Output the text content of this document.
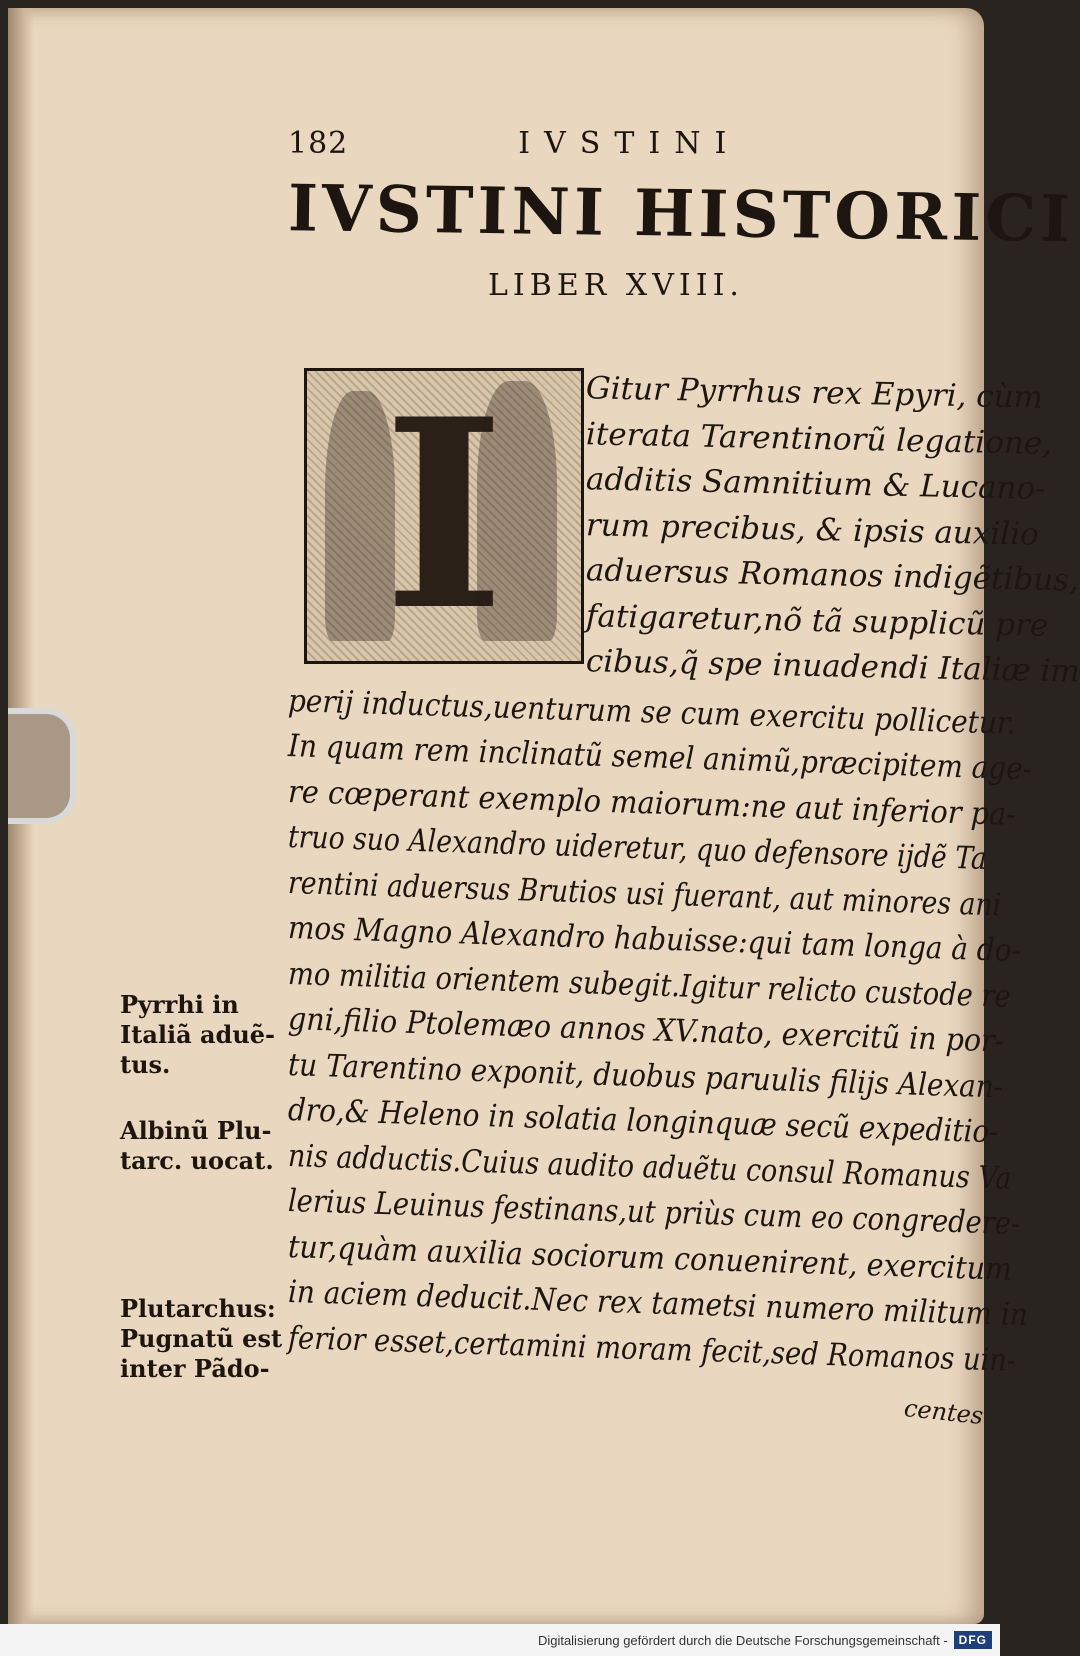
182	IVSTINI
IVSTINI HISTORICI
LIBER XVIII.
I	Gitur Pyrrhus rex Epyri, cùm
iterata Tarentinorũ legatione,
additis Samnitium & Lucano-
rum precibus, & ipsis auxilio
aduersus Romanos indigẽtibus,
fatigaretur,nõ tã supplicũ pre
cibus,q̃ spe inuadendi Italiæ im
perij inductus,uenturum se cum exercitu pollicetur.
In quam rem inclinatũ semel animũ,præcipitem age-
re cœperant exemplo maiorum:ne aut inferior pa-
truo suo Alexandro uideretur, quo defensore ijdẽ Ta
rentini aduersus Brutios usi fuerant, aut minores ani
mos Magno Alexandro habuisse:qui tam longa à do-
mo militia orientem subegit.Igitur relicto custode re
gni,filio Ptolemæo annos XV.nato, exercitũ in por-
tu Tarentino exponit, duobus paruulis filijs Alexan-
dro,& Heleno in solatia longinquæ secũ expeditio-
nis adductis.Cuius audito aduẽtu consul Romanus Va
lerius Leuinus festinans,ut priùs cum eo congredere-
tur,quàm auxilia sociorum conuenirent, exercitum
in aciem deducit.Nec rex tametsi numero militum in
ferior esset,certamini moram fecit,sed Romanos uin-
Pyrrhi in
Italiã aduẽ-
tus.
Albinũ Plu-
tarc. uocat.
Plutarchus:
Pugnatũ est
inter Pãdo-
centes
Digitalisierung gefördert durch die Deutsche Forschungsgemeinschaft - DFG
